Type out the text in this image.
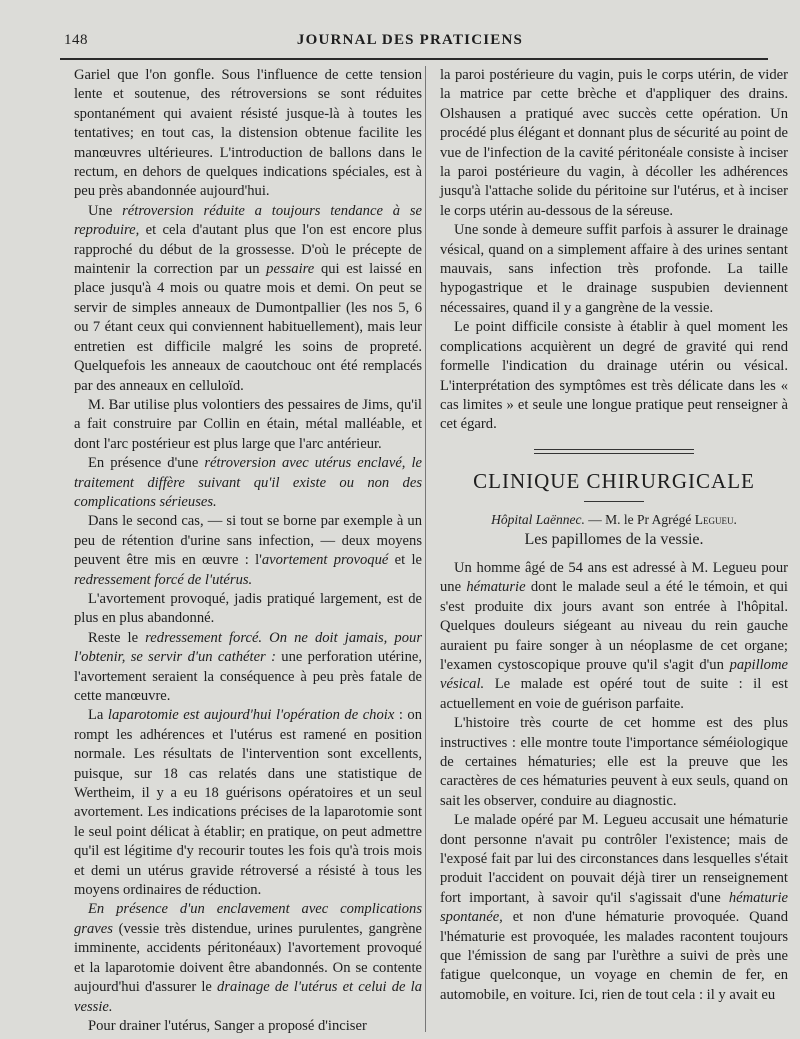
148	JOURNAL DES PRATICIENS

Gariel que l'on gonfle. Sous l'influence de cette tension lente et soutenue, des rétroversions se sont réduites spontanément qui avaient résisté jusque-là à toutes les tentatives; en tout cas, la distension obtenue facilite les manœuvres ultérieures. L'introduction de ballons dans le rectum, en dehors de quelques indications spéciales, est à peu près abandonnée aujourd'hui.

Une rétroversion réduite a toujours tendance à se reproduire, et cela d'autant plus que l'on est encore plus rapproché du début de la grossesse. D'où le précepte de maintenir la correction par un pessaire qui est laissé en place jusqu'à 4 mois ou quatre mois et demi. On peut se servir de simples anneaux de Dumontpallier (les nos 5, 6 ou 7 étant ceux qui conviennent habituellement), mais leur entretien est difficile malgré les soins de propreté. Quelquefois les anneaux de caoutchouc ont été remplacés par des anneaux en celluloïd.

M. Bar utilise plus volontiers des pessaires de Jims, qu'il a fait construire par Collin en étain, métal malléable, et dont l'arc postérieur est plus large que l'arc antérieur.

En présence d'une rétroversion avec utérus enclavé, le traitement diffère suivant qu'il existe ou non des complications sérieuses.

Dans le second cas, — si tout se borne par exemple à un peu de rétention d'urine sans infection, — deux moyens peuvent être mis en œuvre : l'avortement provoqué et le redressement forcé de l'utérus.

L'avortement provoqué, jadis pratiqué largement, est de plus en plus abandonné.

Reste le redressement forcé. On ne doit jamais, pour l'obtenir, se servir d'un cathéter : une perforation utérine, l'avortement seraient la conséquence à peu près fatale de cette manœuvre.

La laparotomie est aujourd'hui l'opération de choix : on rompt les adhérences et l'utérus est ramené en position normale. Les résultats de l'intervention sont excellents, puisque, sur 18 cas relatés dans une statistique de Wertheim, il y a eu 18 guérisons opératoires et un seul avortement. Les indications précises de la laparotomie sont le seul point délicat à établir; en pratique, on peut admettre qu'il est légitime d'y recourir toutes les fois qu'à trois mois et demi un utérus gravide rétroversé a résisté à tous les moyens ordinaires de réduction.

En présence d'un enclavement avec complications graves (vessie très distendue, urines purulentes, gangrène imminente, accidents péritonéaux) l'avortement provoqué et la laparotomie doivent être abandonnés. On se contente aujourd'hui d'assurer le drainage de l'utérus et celui de la vessie.

Pour drainer l'utérus, Sanger a proposé d'inciser

la paroi postérieure du vagin, puis le corps utérin, de vider la matrice par cette brèche et d'appliquer des drains. Olshausen a pratiqué avec succès cette opération. Un procédé plus élégant et donnant plus de sécurité au point de vue de l'infection de la cavité péritonéale consiste à inciser la paroi postérieure du vagin, à décoller les adhérences jusqu'à l'attache solide du péritoine sur l'utérus, et à inciser le corps utérin au-dessous de la séreuse.

Une sonde à demeure suffit parfois à assurer le drainage vésical, quand on a simplement affaire à des urines sentant mauvais, sans infection très profonde. La taille hypogastrique et le drainage suspubien deviennent nécessaires, quand il y a gangrène de la vessie.

Le point difficile consiste à établir à quel moment les complications acquièrent un degré de gravité qui rend formelle l'indication du drainage utérin ou vésical. L'interprétation des symptômes est très délicate dans les « cas limites » et seule une longue pratique peut renseigner à cet égard.

CLINIQUE CHIRURGICALE

Hôpital Laënnec. — M. le Pr Agrégé Legueu.

Les papillomes de la vessie.

Un homme âgé de 54 ans est adressé à M. Legueu pour une hématurie dont le malade seul a été le témoin, et qui s'est produite dix jours avant son entrée à l'hôpital. Quelques douleurs siégeant au niveau du rein gauche auraient pu faire songer à un néoplasme de cet organe; l'examen cystoscopique prouve qu'il s'agit d'un papillome vésical. Le malade est opéré tout de suite : il est actuellement en voie de guérison parfaite.

L'histoire très courte de cet homme est des plus instructives : elle montre toute l'importance séméiologique de certaines hématuries; elle est la preuve que les caractères de ces hématuries peuvent à eux seuls, quand on sait les observer, conduire au diagnostic.

Le malade opéré par M. Legueu accusait une hématurie dont personne n'avait pu contrôler l'existence; mais de l'exposé fait par lui des circonstances dans lesquelles s'était produit l'accident on pouvait déjà tirer un renseignement fort important, à savoir qu'il s'agissait d'une hématurie spontanée, et non d'une hématurie provoquée. Quand l'hématurie est provoquée, les malades racontent toujours que l'émission de sang par l'urèthre a suivi de près une fatigue quelconque, un voyage en chemin de fer, en automobile, en voiture. Ici, rien de tout cela : il y avait eu
